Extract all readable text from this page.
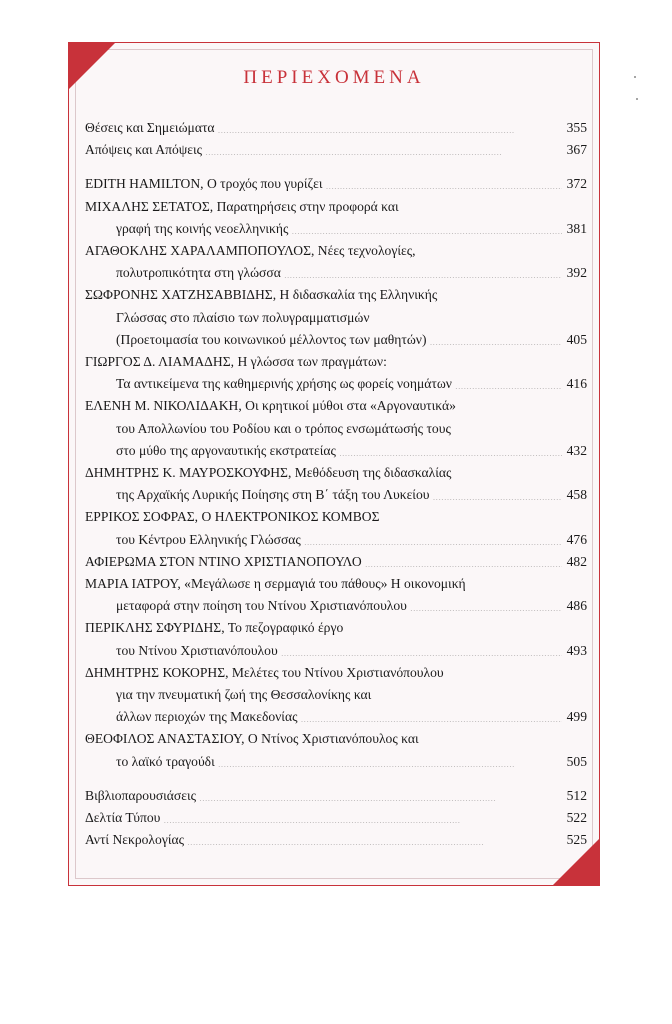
ΠΕΡΙΕΧΟΜΕΝΑ
Θέσεις και Σημειώματα . . .	355
Απόψεις και Απόψεις . . .	367
EDITH HAMILTON, Ο τροχός που γυρίζει . . .	372
ΜΙΧΑΛΗΣ ΣΕΤΑΤΟΣ, Παρατηρήσεις στην προφορά και
γραφή της κοινής νεοελληνικής . . .	381
ΑΓΑΘΟΚΛΗΣ ΧΑΡΑΛΑΜΠΟΠΟΥΛΟΣ, Νέες τεχνολογίες,
πολυτροπικότητα στη γλώσσα . . .	392
ΣΩΦΡΟΝΗΣ ΧΑΤΖΗΣΑΒΒΙΔΗΣ, Η διδασκαλία της Ελληνικής
Γλώσσας στο πλαίσιο των πολυγραμματισμών
(Προετοιμασία του κοινωνικού μέλλοντος των μαθητών) . . .	405
ΓΙΩΡΓΟΣ Δ. ΛΙΑΜΑΔΗΣ, Η γλώσσα των πραγμάτων:
Τα αντικείμενα της καθημερινής χρήσης ως φορείς νοημάτων . . .	416
ΕΛΕΝΗ Μ. ΝΙΚΟΛΙΔΑΚΗ, Οι κρητικοί μύθοι στα «Αργοναυτικά»
του Απολλωνίου του Ροδίου και ο τρόπος ενσωμάτωσής τους
στο μύθο της αργοναυτικής εκστρατείας . . .	432
ΔΗΜΗΤΡΗΣ Κ. ΜΑΥΡΟΣΚΟΥΦΗΣ, Μεθόδευση της διδασκαλίας
της Αρχαϊκής Λυρικής Ποίησης στη Β΄ τάξη του Λυκείου . . .	458
ΕΡΡΙΚΟΣ ΣΟΦΡΑΣ, Ο ΗΛΕΚΤΡΟΝΙΚΟΣ ΚΟΜΒΟΣ
του Κέντρου Ελληνικής Γλώσσας . . .	476
ΑΦΙΕΡΩΜΑ ΣΤΟΝ ΝΤΙΝΟ ΧΡΙΣΤΙΑΝΟΠΟΥΛΟ . . .	482
ΜΑΡΙΑ ΙΑΤΡΟΥ, «Μεγάλωσε η σερμαγιά του πάθους» Η οικονομική
μεταφορά στην ποίηση του Ντίνου Χριστιανόπουλου . . .	486
ΠΕΡΙΚΛΗΣ ΣΦΥΡΙΔΗΣ, Το πεζογραφικό έργο
του Ντίνου Χριστιανόπουλου . . .	493
ΔΗΜΗΤΡΗΣ ΚΟΚΟΡΗΣ, Μελέτες του Ντίνου Χριστιανόπουλου
για την πνευματική ζωή της Θεσσαλονίκης και
άλλων περιοχών της Μακεδονίας . . .	499
ΘΕΟΦΙΛΟΣ ΑΝΑΣΤΑΣΙΟΥ, Ο Ντίνος Χριστιανόπουλος και
το λαϊκό τραγούδι . . .	505
Βιβλιοπαρουσιάσεις . . .	512
Δελτία Τύπου . . .	522
Αντί Νεκρολογίας . . .	525
